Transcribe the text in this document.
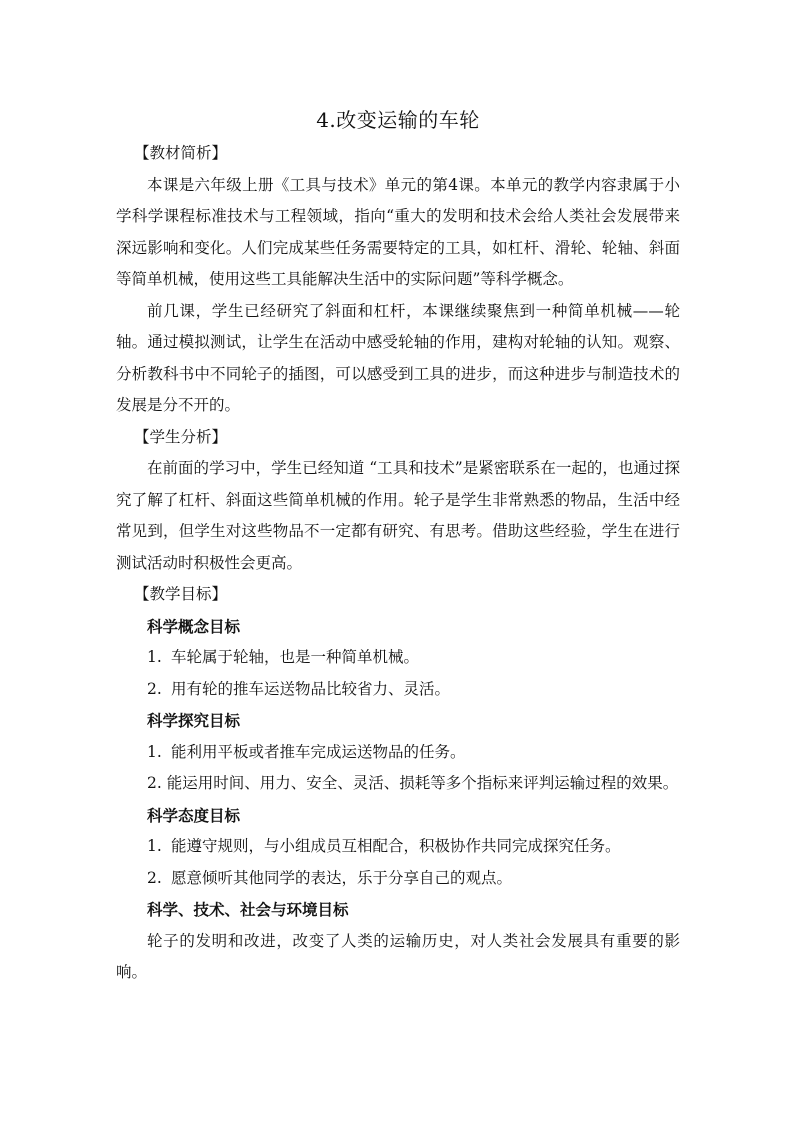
4.改变运输的车轮

【教材简析】

本课是六年级上册《工具与技术》单元的第4课。本单元的教学内容隶属于小学科学课程标准技术与工程领域，指向“重大的发明和技术会给人类社会发展带来深远影响和变化。人们完成某些任务需要特定的工具，如杠杆、滑轮、轮轴、斜面等简单机械，使用这些工具能解决生活中的实际问题”等科学概念。

前几课，学生已经研究了斜面和杠杆，本课继续聚焦到一种简单机械——轮轴。通过模拟测试，让学生在活动中感受轮轴的作用，建构对轮轴的认知。观察、分析教科书中不同轮子的插图，可以感受到工具的进步，而这种进步与制造技术的发展是分不开的。

【学生分析】

在前面的学习中，学生已经知道 “工具和技术”是紧密联系在一起的，也通过探究了解了杠杆、斜面这些简单机械的作用。轮子是学生非常熟悉的物品，生活中经常见到，但学生对这些物品不一定都有研究、有思考。借助这些经验，学生在进行测试活动时积极性会更高。

【教学目标】

科学概念目标

1. 车轮属于轮轴，也是一种简单机械。

2. 用有轮的推车运送物品比较省力、灵活。

科学探究目标

1. 能利用平板或者推车完成运送物品的任务。

2. 能运用时间、用力、安全、灵活、损耗等多个指标来评判运输过程的效果。

科学态度目标

1. 能遵守规则，与小组成员互相配合，积极协作共同完成探究任务。

2. 愿意倾听其他同学的表达，乐于分享自己的观点。

科学、技术、社会与环境目标

轮子的发明和改进，改变了人类的运输历史，对人类社会发展具有重要的影响。
